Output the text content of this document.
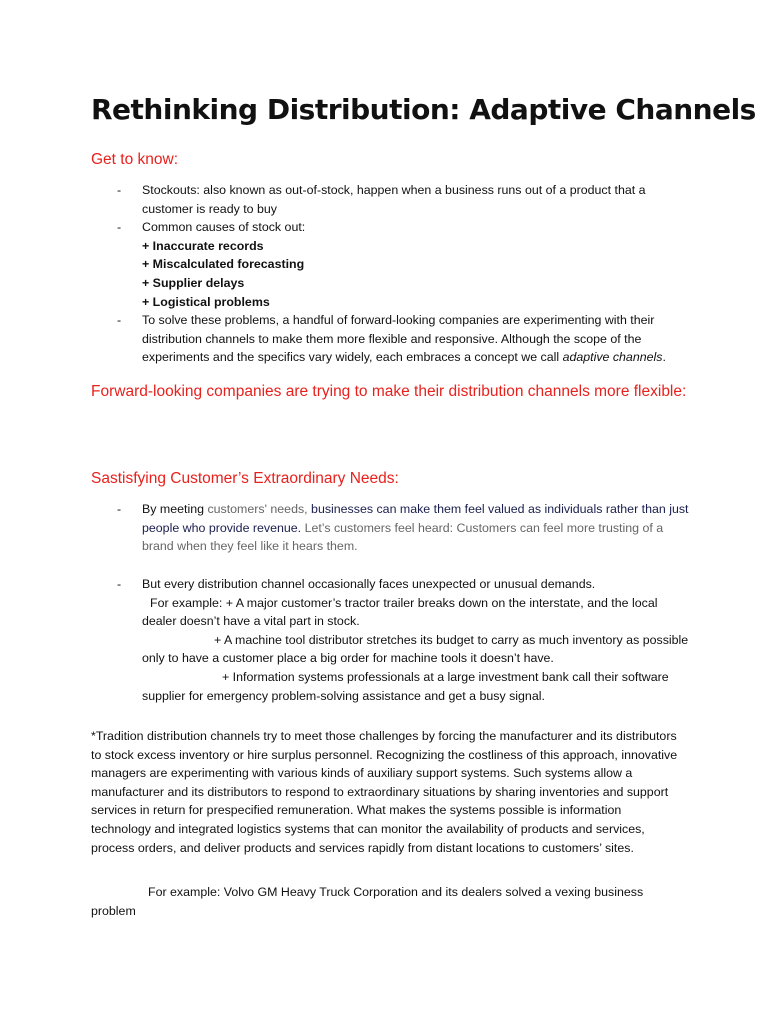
Rethinking Distribution: Adaptive Channels

Get to know:

- Stockouts: also known as out-of-stock, happen when a business runs out of a product that a customer is ready to buy
- Common causes of stock out:
+ Inaccurate records
+ Miscalculated forecasting
+ Supplier delays
+ Logistical problems
- To solve these problems, a handful of forward-looking companies are experimenting with their distribution channels to make them more flexible and responsive. Although the scope of the experiments and the specifics vary widely, each embraces a concept we call adaptive channels.

Forward-looking companies are trying to make their distribution channels more flexible:

Sastisfying Customer’s Extraordinary Needs:

- By meeting customers' needs, businesses can make them feel valued as individuals rather than just people who provide revenue. Let’s customers feel heard: Customers can feel more trusting of a brand when they feel like it hears them.
- But every distribution channel occasionally faces unexpected or unusual demands.
For example: + A major customer’s tractor trailer breaks down on the interstate, and the local dealer doesn’t have a vital part in stock.
+ A machine tool distributor stretches its budget to carry as much inventory as possible only to have a customer place a big order for machine tools it doesn’t have.
+ Information systems professionals at a large investment bank call their software supplier for emergency problem-solving assistance and get a busy signal.

*Tradition distribution channels try to meet those challenges by forcing the manufacturer and its distributors to stock excess inventory or hire surplus personnel. Recognizing the costliness of this approach, innovative managers are experimenting with various kinds of auxiliary support systems. Such systems allow a manufacturer and its distributors to respond to extraordinary situations by sharing inventories and support services in return for prespecified remuneration. What makes the systems possible is information technology and integrated logistics systems that can monitor the availability of products and services, process orders, and deliver products and services rapidly from distant locations to customers’ sites.

For example: Volvo GM Heavy Truck Corporation and its dealers solved a vexing business problem
